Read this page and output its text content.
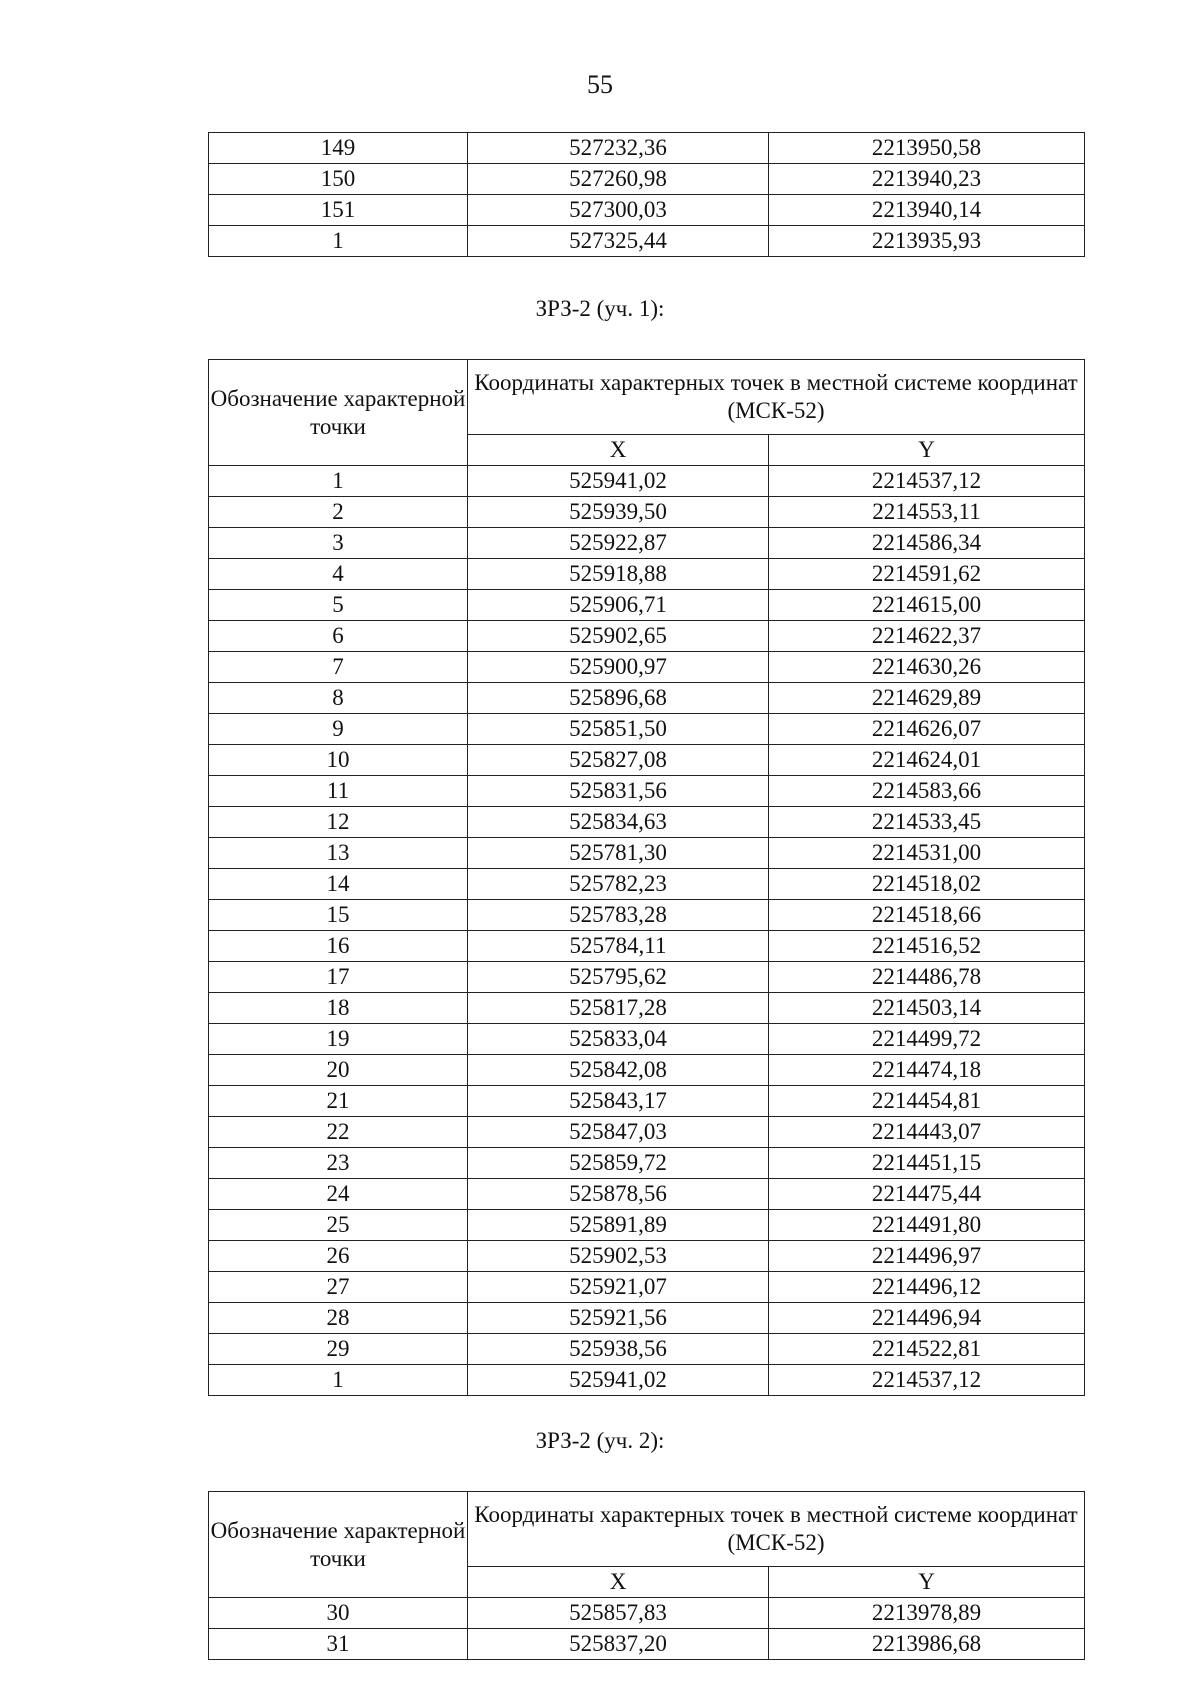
55
149	527232,36	2213950,58
150	527260,98	2213940,23
151	527300,03	2213940,14
1	527325,44	2213935,93
ЗРЗ-2 (уч. 1):
Обозначение характерной точки	Координаты характерных точек в местной системе координат (МСК-52)	
	X	Y
1	525941,02	2214537,12
2	525939,50	2214553,11
3	525922,87	2214586,34
4	525918,88	2214591,62
5	525906,71	2214615,00
6	525902,65	2214622,37
7	525900,97	2214630,26
8	525896,68	2214629,89
9	525851,50	2214626,07
10	525827,08	2214624,01
11	525831,56	2214583,66
12	525834,63	2214533,45
13	525781,30	2214531,00
14	525782,23	2214518,02
15	525783,28	2214518,66
16	525784,11	2214516,52
17	525795,62	2214486,78
18	525817,28	2214503,14
19	525833,04	2214499,72
20	525842,08	2214474,18
21	525843,17	2214454,81
22	525847,03	2214443,07
23	525859,72	2214451,15
24	525878,56	2214475,44
25	525891,89	2214491,80
26	525902,53	2214496,97
27	525921,07	2214496,12
28	525921,56	2214496,94
29	525938,56	2214522,81
1	525941,02	2214537,12
ЗРЗ-2 (уч. 2):
Обозначение характерной точки	Координаты характерных точек в местной системе координат (МСК-52)	
	X	Y
30	525857,83	2213978,89
31	525837,20	2213986,68
